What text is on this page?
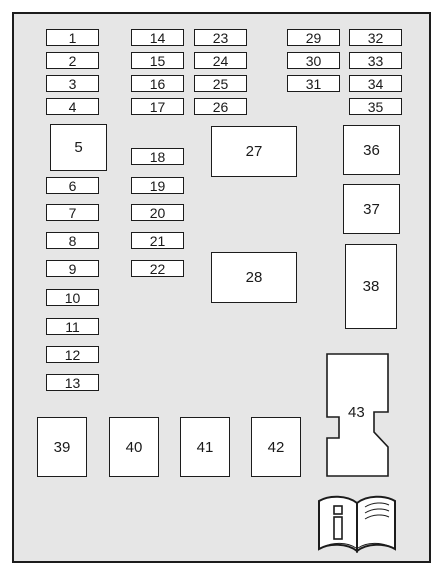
1
2
3
4
5
6
7
8
9
10
11
12
13
14
15
16
17
18
19
20
21
22
23
24
25
26
27
28
29
30
31
32
33
34
35
36
37
38
43
39	40	41	42
